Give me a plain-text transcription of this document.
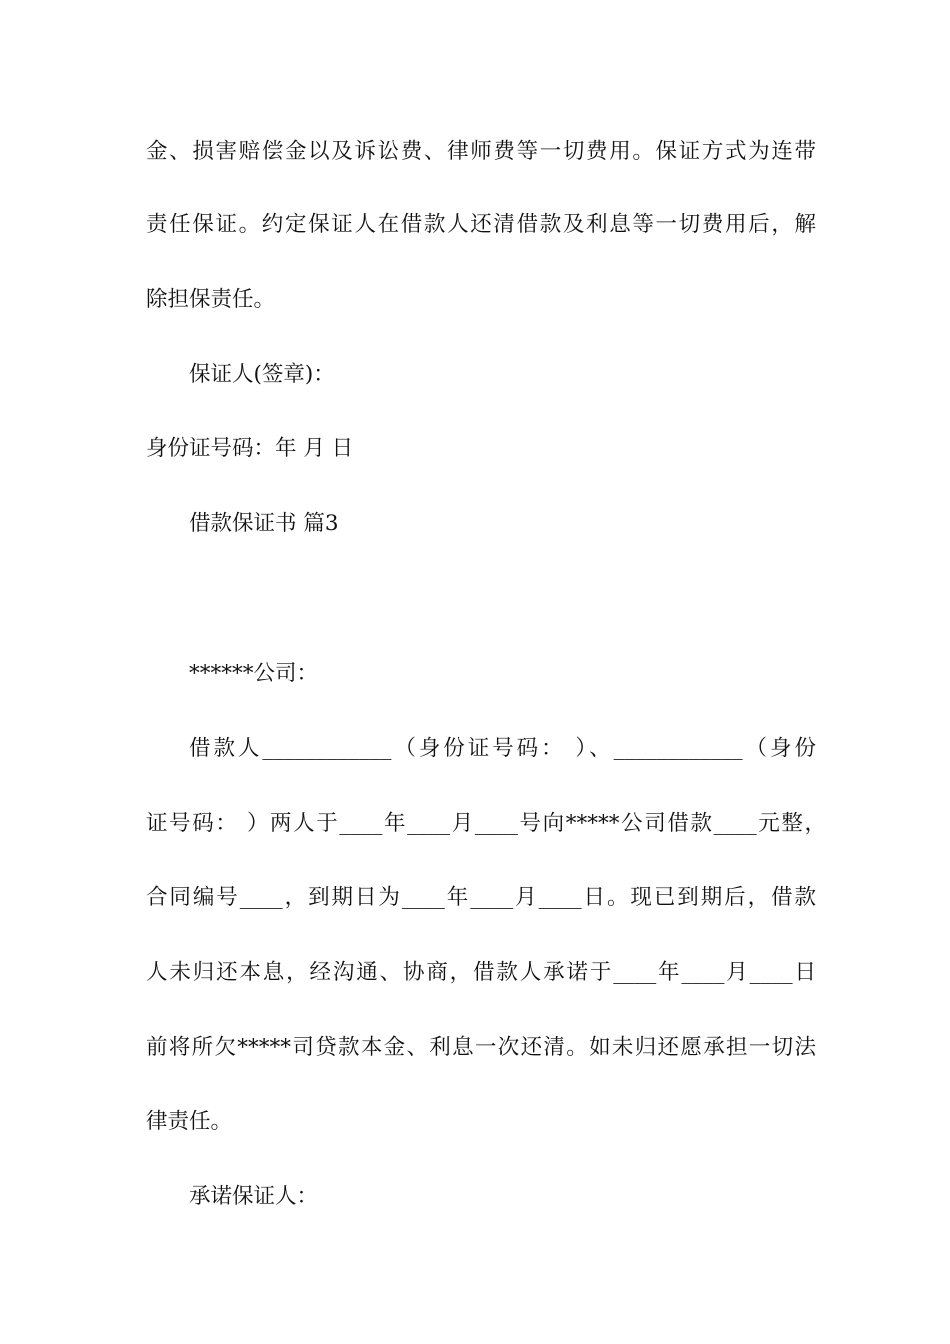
金、损害赔偿金以及诉讼费、律师费等一切费用。保证方式为连带
责任保证。约定保证人在借款人还清借款及利息等一切费用后，解
除担保责任。
保证人(签章)：
身份证号码：年 月 日
借款保证书 篇3
******公司：
借款人____________（身份证号码： ）、____________（身份
证号码： ）两人于____年____月____号向*****公司借款____元整，
合同编号____，到期日为____年____月____日。现已到期后，借款
人未归还本息，经沟通、协商，借款人承诺于____年____月____日
前将所欠*****司贷款本金、利息一次还清。如未归还愿承担一切法
律责任。
承诺保证人：
